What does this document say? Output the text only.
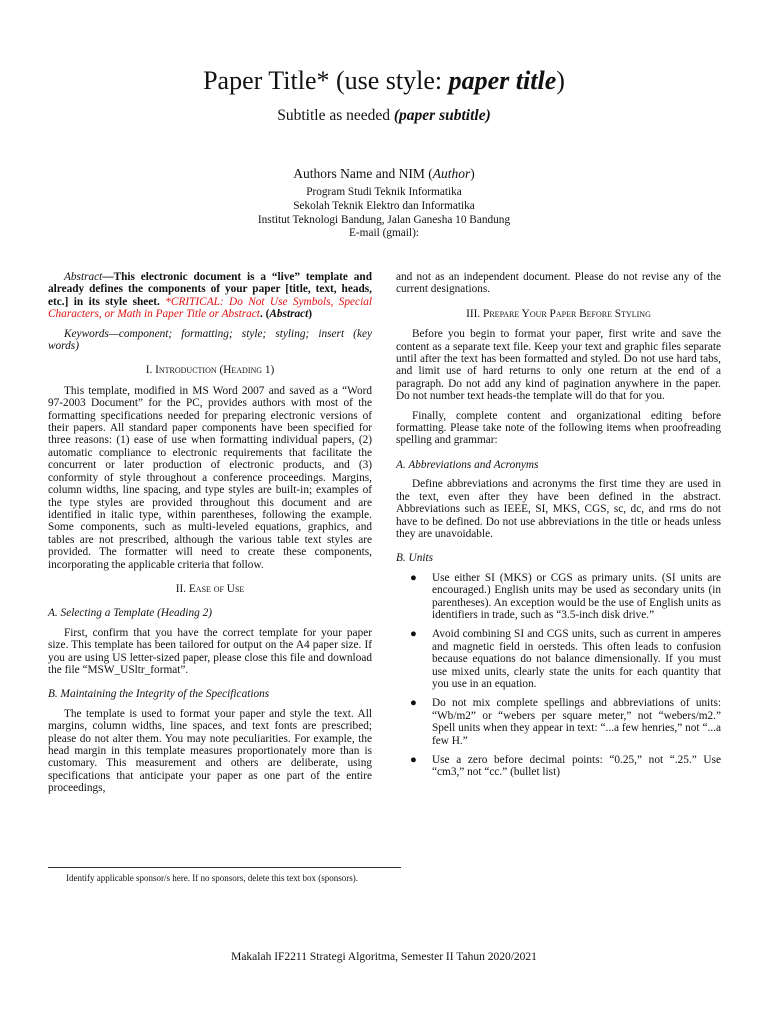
Paper Title* (use style: paper title)
Subtitle as needed (paper subtitle)
Authors Name and NIM (Author)
Program Studi Teknik Informatika
Sekolah Teknik Elektro dan Informatika
Institut Teknologi Bandung, Jalan Ganesha 10 Bandung
E-mail (gmail):

Abstract—This electronic document is a “live” template and already defines the components of your paper [title, text, heads, etc.] in its style sheet. *CRITICAL: Do Not Use Symbols, Special Characters, or Math in Paper Title or Abstract. (Abstract)

Keywords—component; formatting; style; styling; insert (key words)

I. Introduction (Heading 1)

This template, modified in MS Word 2007 and saved as a “Word 97-2003 Document” for the PC, provides authors with most of the formatting specifications needed for preparing electronic versions of their papers. All standard paper components have been specified for three reasons: (1) ease of use when formatting individual papers, (2) automatic compliance to electronic requirements that facilitate the concurrent or later production of electronic products, and (3) conformity of style throughout a conference proceedings. Margins, column widths, line spacing, and type styles are built-in; examples of the type styles are provided throughout this document and are identified in italic type, within parentheses, following the example. Some components, such as multi-leveled equations, graphics, and tables are not prescribed, although the various table text styles are provided. The formatter will need to create these components, incorporating the applicable criteria that follow.

II. Ease of Use
A. Selecting a Template (Heading 2)

First, confirm that you have the correct template for your paper size. This template has been tailored for output on the A4 paper size. If you are using US letter-sized paper, please close this file and download the file “MSW_USltr_format”.

B. Maintaining the Integrity of the Specifications

The template is used to format your paper and style the text. All margins, column widths, line spaces, and text fonts are prescribed; please do not alter them. You may note peculiarities. For example, the head margin in this template measures proportionately more than is customary. This measurement and others are deliberate, using specifications that anticipate your paper as one part of the entire proceedings,

and not as an independent document. Please do not revise any of the current designations.

III. Prepare Your Paper Before Styling

Before you begin to format your paper, first write and save the content as a separate text file. Keep your text and graphic files separate until after the text has been formatted and styled. Do not use hard tabs, and limit use of hard returns to only one return at the end of a paragraph. Do not add any kind of pagination anywhere in the paper. Do not number text heads-the template will do that for you.

Finally, complete content and organizational editing before formatting. Please take note of the following items when proofreading spelling and grammar:

A. Abbreviations and Acronyms

Define abbreviations and acronyms the first time they are used in the text, even after they have been defined in the abstract. Abbreviations such as IEEE, SI, MKS, CGS, sc, dc, and rms do not have to be defined. Do not use abbreviations in the title or heads unless they are unavoidable.

B. Units
● Use either SI (MKS) or CGS as primary units. (SI units are encouraged.) English units may be used as secondary units (in parentheses). An exception would be the use of English units as identifiers in trade, such as “3.5-inch disk drive.”
● Avoid combining SI and CGS units, such as current in amperes and magnetic field in oersteds. This often leads to confusion because equations do not balance dimensionally. If you must use mixed units, clearly state the units for each quantity that you use in an equation.
● Do not mix complete spellings and abbreviations of units: “Wb/m2” or “webers per square meter,” not “webers/m2.” Spell units when they appear in text: “...a few henries,” not “...a few H.”
● Use a zero before decimal points: “0.25,” not “.25.” Use “cm3,” not “cc.” (bullet list)
Identify applicable sponsor/s here. If no sponsors, delete this text box (sponsors).
Makalah IF2211 Strategi Algoritma, Semester II Tahun 2020/2021
